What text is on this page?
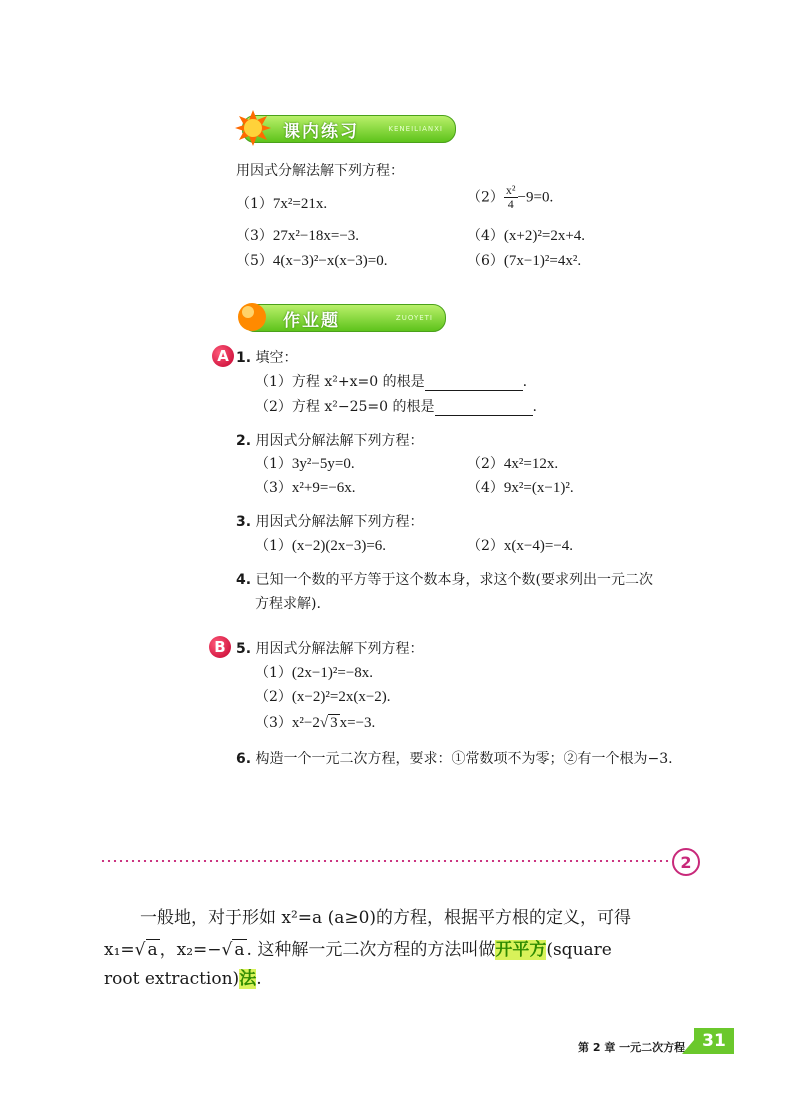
课内练习	KENEILIANXI
用因式分解法解下列方程：
（1）7x²=21x.	$(2) \frac{\text{x²}}{4}-9=0$.
（3）27x²−18x=−3.	（4）(x+2)²=2x+4.
（5）4(x−3)²−x(x−3)=0.	（6）(7x−1)²=4x².
作业题	ZUOYETI
A 1. 填空：
（1）方程 x²+x=0 的根是	.
（2）方程 x²−25=0 的根是	.
2. 用因式分解法解下列方程：
（1）3y²−5y=0.	（2）4x²=12x.
（3）x²+9=−6x.	（4）9x²=(x−1)².
3. 用因式分解法解下列方程：
（1）(x−2)(2x−3)=6.	（2）x(x−4)=−4.
4. 已知一个数的平方等于这个数本身，求这个数(要求列出一元二次
方程求解).
B 5. 用因式分解法解下列方程：
（1）(2x−1)²=−8x.
（2）(x−2)²=2x(x−2).
（3）x²−2√ 3 x=−3.
6. 构造一个一元二次方程，要求：①常数项不为零；②有一个根为−3.
2
一般地，对于形如 x²=a (a≥0)的方程，根据平方根的定义，可得
x₁=√ a ，x₂=−√ a . 这种解一元二次方程的方法叫做开平方(square
root extraction)法.
第 2 章 一元二次方程	31
